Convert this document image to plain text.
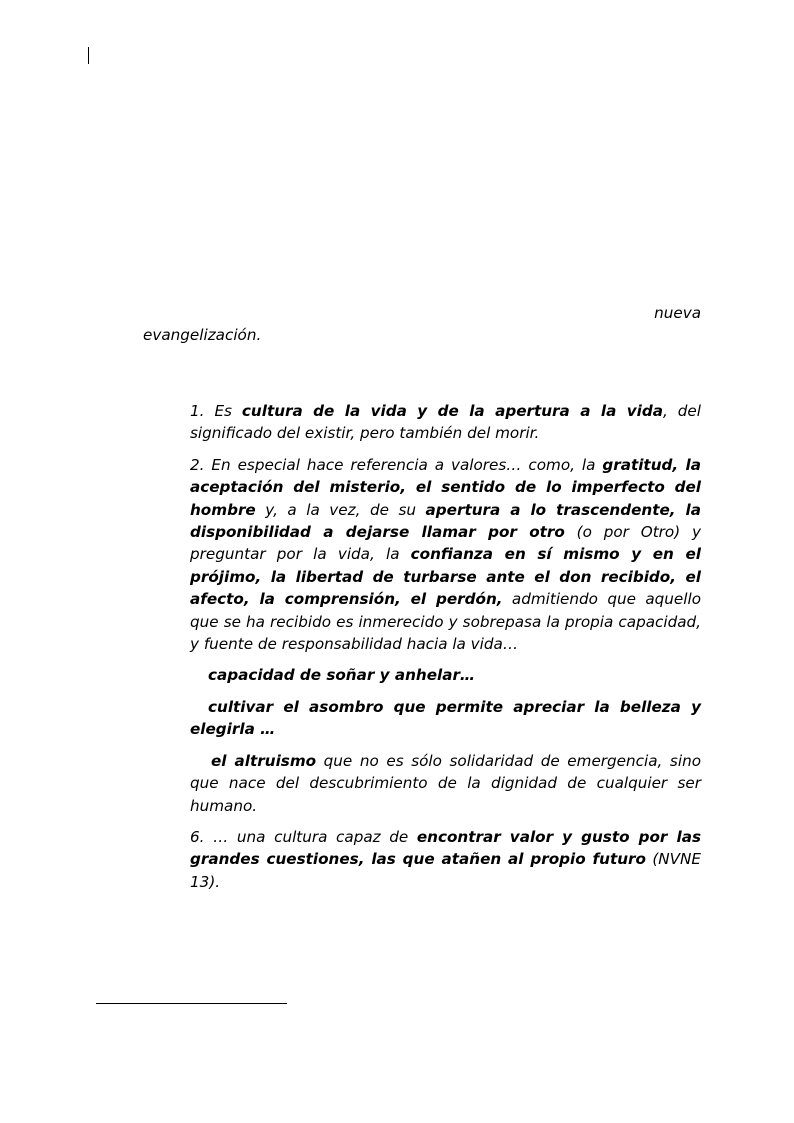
nueva
evangelización.

1. Es cultura de la vida y de la apertura a la vida, del significado del existir, pero también del morir.

2. En especial hace referencia a valores… como, la gratitud, la aceptación del misterio, el sentido de lo imperfecto del hombre y, a la vez, de su apertura a lo trascendente, la disponibilidad a dejarse llamar por otro (o por Otro) y preguntar por la vida, la confianza en sí mismo y en el prójimo, la libertad de turbarse ante el don recibido, el afecto, la comprensión, el perdón, admitiendo que aquello que se ha recibido es inmerecido y sobrepasa la propia capacidad, y fuente de responsabilidad hacia la vida…

capacidad de soñar y anhelar…

cultivar el asombro que permite apreciar la belleza y elegirla …

el altruismo que no es sólo solidaridad de emergencia, sino que nace del descubrimiento de la dignidad de cualquier ser humano.

6. … una cultura capaz de encontrar valor y gusto por las grandes cuestiones, las que atañen al propio futuro (NVNE 13).
